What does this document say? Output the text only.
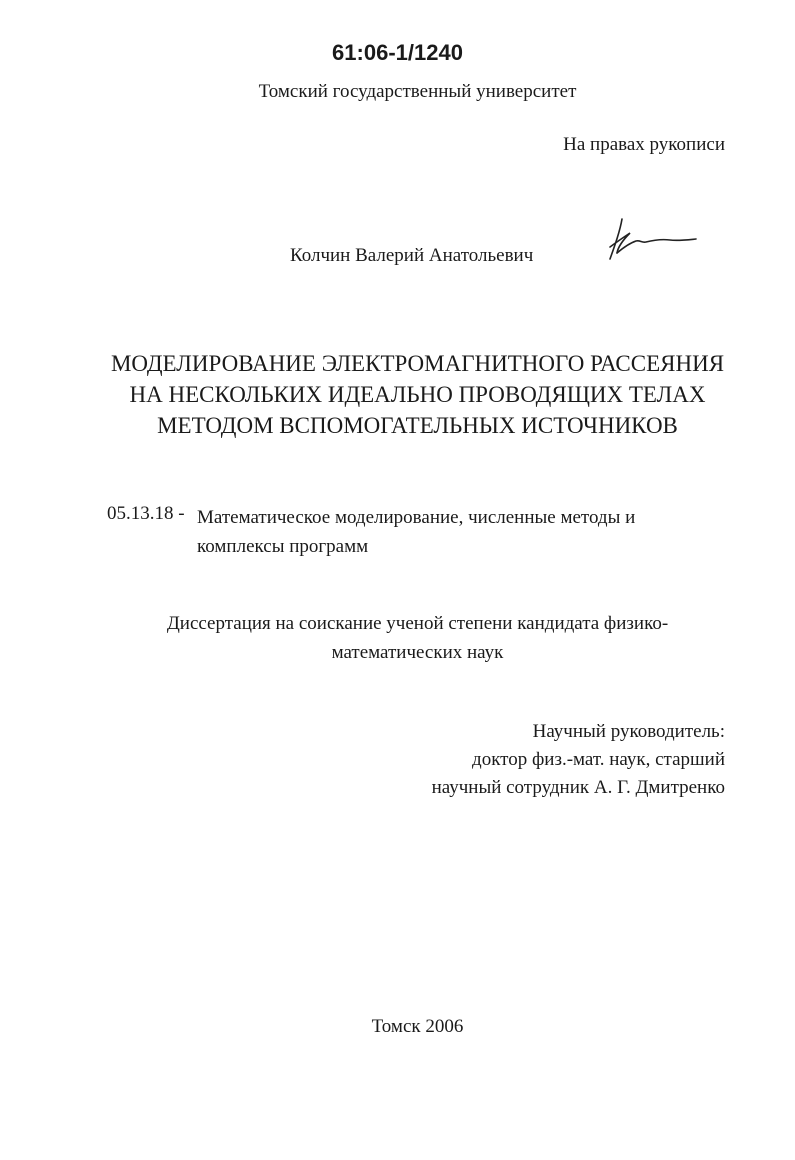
61:06-1/1240
Томский государственный университет
На правах рукописи
Колчин Валерий Анатольевич
МОДЕЛИРОВАНИЕ ЭЛЕКТРОМАГНИТНОГО РАССЕЯНИЯ
НА НЕСКОЛЬКИХ ИДЕАЛЬНО ПРОВОДЯЩИХ ТЕЛАХ
МЕТОДОМ ВСПОМОГАТЕЛЬНЫХ ИСТОЧНИКОВ
05.13.18 - Математическое моделирование, численные методы и
комплексы программ
Диссертация на соискание ученой степени кандидата физико-
математических наук
Научный руководитель:
доктор физ.-мат. наук, старший
научный сотрудник А. Г. Дмитренко
Томск 2006
